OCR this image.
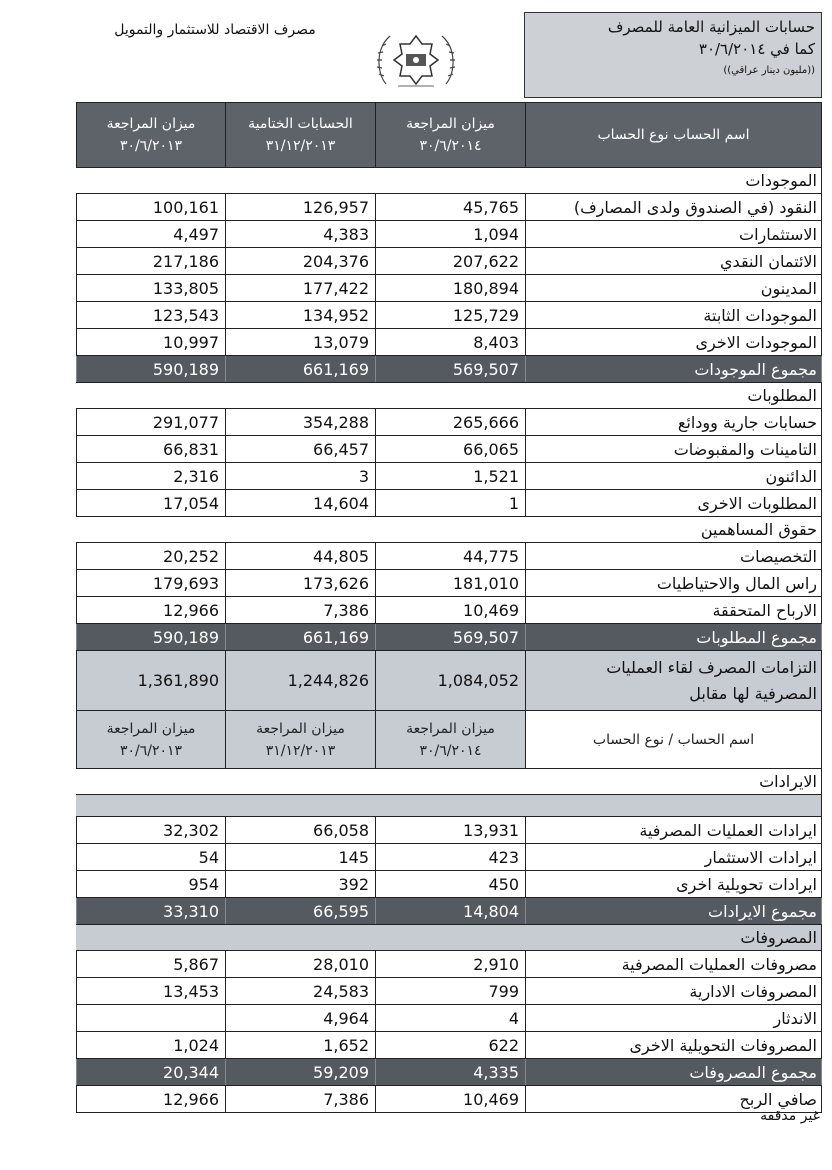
مصرف الاقتصاد للاستثمار والتمويل	حسابات الميزانية العامة للمصرف
كما في ٣٠/٦/٢٠١٤
((مليون دينار عراقي))
اسم الحساب نوع الحساب
ميزان المراجعة
٣٠/٦/٢٠١٤
الحسابات الختامية
٣١/١٢/٢٠١٣
ميزان المراجعة
٣٠/٦/٢٠١٣
الموجودات
النقود (في الصندوق ولدى المصارف)
45,765
126,957
100,161
الاستثمارات
1,094
4,383
4,497
الائتمان النقدي
207,622
204,376
217,186
المدينون
180,894
177,422
133,805
الموجودات الثابتة
125,729
134,952
123,543
الموجودات الاخرى
8,403
13,079
10,997
مجموع الموجودات
569,507
661,169
590,189
المطلوبات
حسابات جارية وودائع
265,666
354,288
291,077
التامينات والمقبوضات
66,065
66,457
66,831
الدائنون
1,521
3
2,316
المطلوبات الاخرى
1
14,604
17,054
حقوق المساهمين
التخصيصات
44,775
44,805
20,252
راس المال والاحتياطيات
181,010
173,626
179,693
الارباح المتحققة
10,469
7,386
12,966
مجموع المطلوبات
569,507
661,169
590,189
التزامات المصرف لقاء العمليات
المصرفية لها مقابل
1,084,052
1,244,826
1,361,890
اسم الحساب / نوع الحساب
ميزان المراجعة
٣٠/٦/٢٠١٤
ميزان المراجعة
٣١/١٢/٢٠١٣
ميزان المراجعة
٣٠/٦/٢٠١٣
الايرادات
ايرادات العمليات المصرفية
13,931
66,058
32,302
ايرادات الاستثمار
423
145
54
ايرادات تحويلية اخرى
450
392
954
مجموع الايرادات
14,804
66,595
33,310
المصروفات
مصروفات العمليات المصرفية
2,910
28,010
5,867
المصروفات الادارية
799
24,583
13,453
الاندثار
4
4,964
المصروفات التحويلية الاخرى
622
1,652
1,024
مجموع المصروفات
4,335
59,209
20,344
صافي الربح
10,469
7,386
12,966
غير مدققه
